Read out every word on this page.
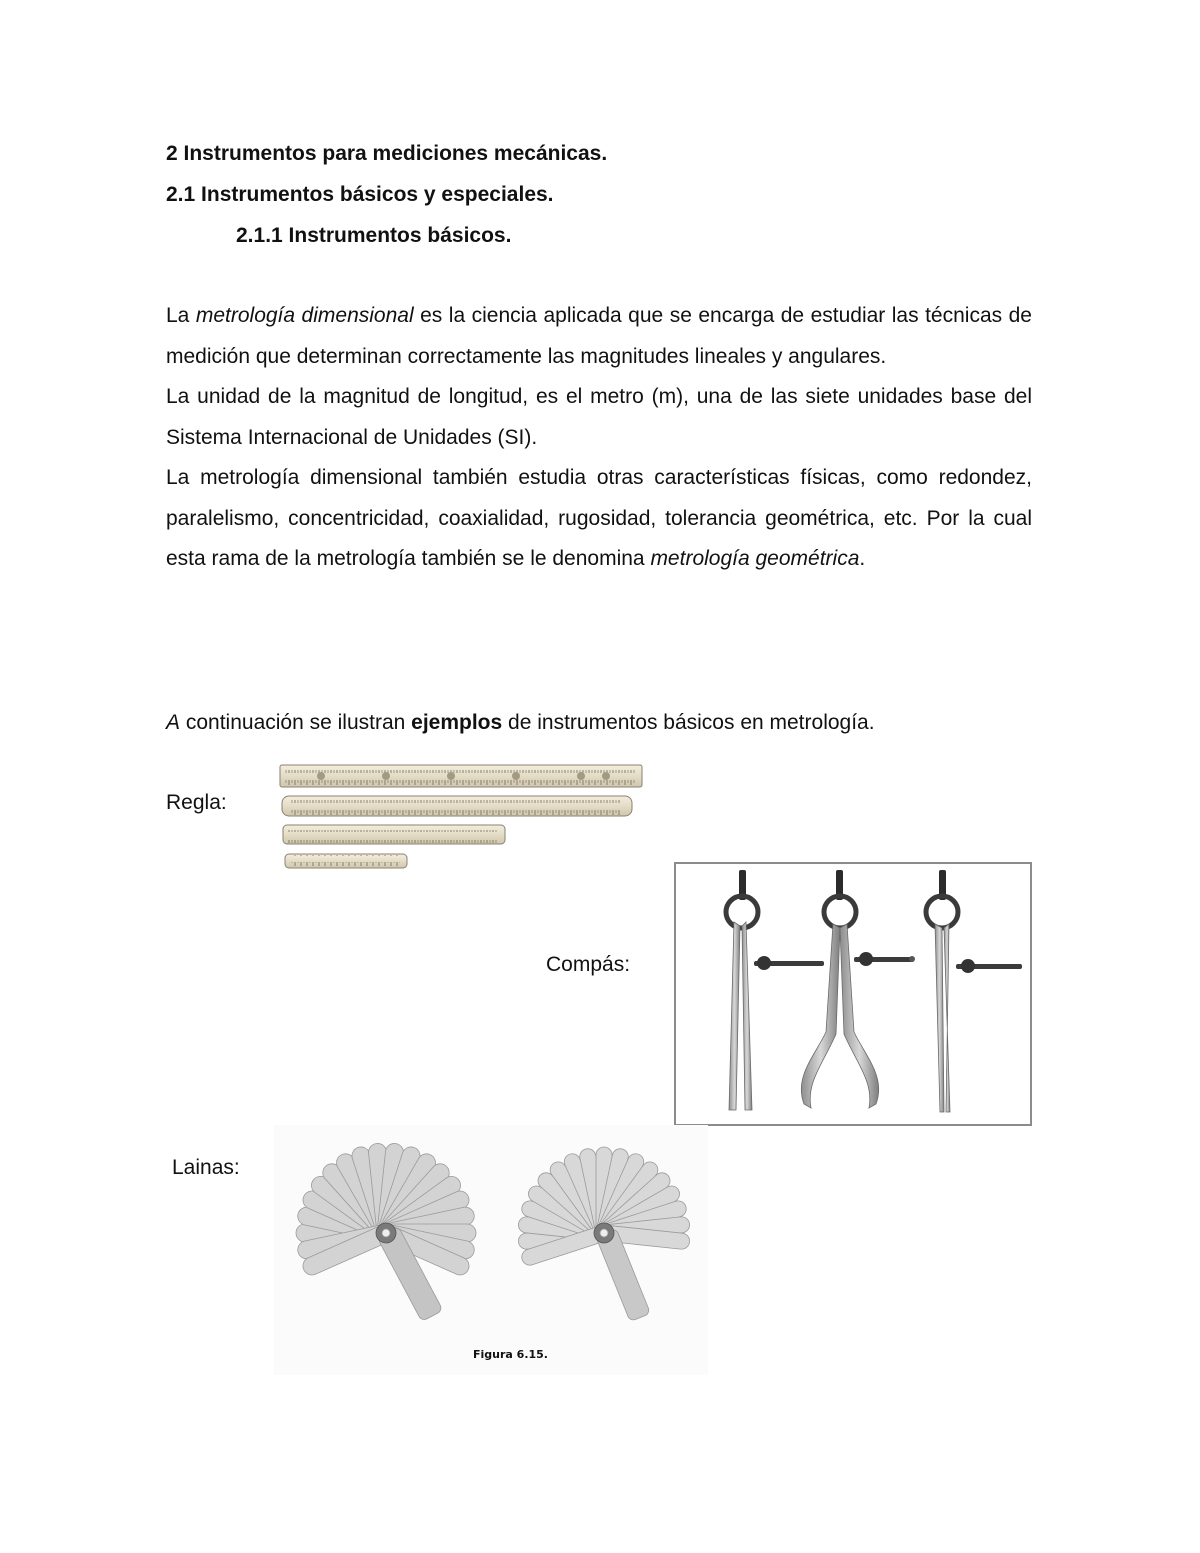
2 Instrumentos para mediciones mecánicas.
2.1 Instrumentos básicos y especiales.
2.1.1 Instrumentos básicos.

La metrología dimensional es la ciencia aplicada que se encarga de estudiar las técnicas de medición que determinan correctamente las magnitudes lineales y angulares.

La unidad de la magnitud de longitud, es el metro (m), una de las siete unidades base del Sistema Internacional de Unidades (SI).

La metrología dimensional también estudia otras características físicas, como redondez, paralelismo, concentricidad, coaxialidad, rugosidad, tolerancia geométrica, etc. Por la cual esta rama de la metrología también se le denomina metrología geométrica.

A continuación se ilustran ejemplos de instrumentos básicos en metrología.
Regla:
Compás:
Lainas:
Figura 6.15.
